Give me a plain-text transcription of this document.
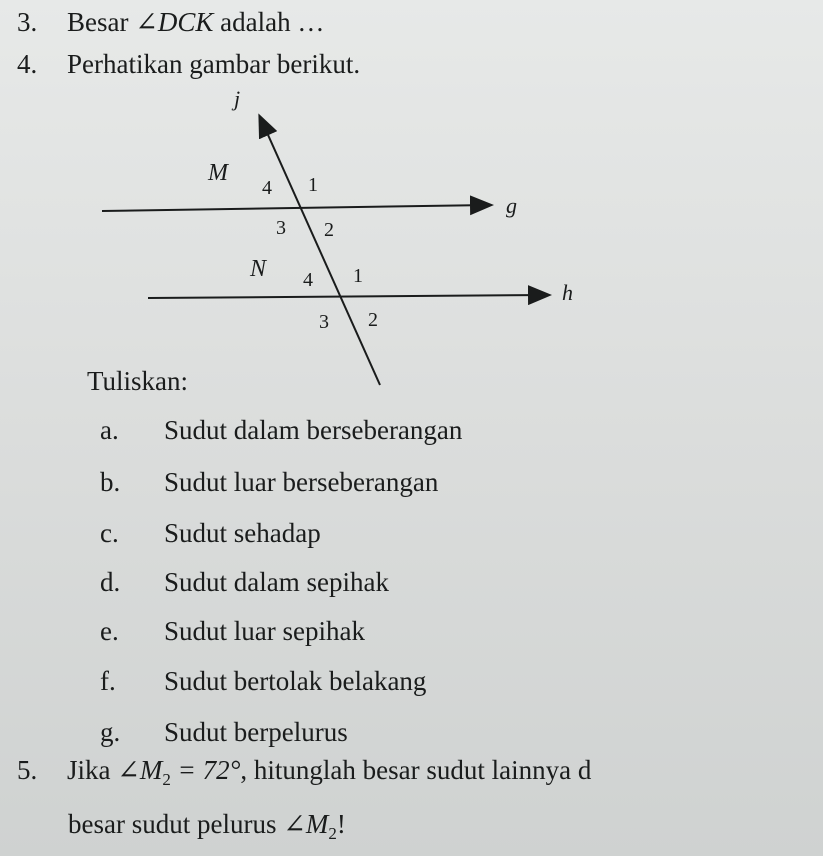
3. Besar ∠DCK adalah …
4. Perhatikan gambar berikut.
j
g
h
M
N
4 1
3 2
4 1
3 2
Tuliskan:
a. Sudut dalam berseberangan
b. Sudut luar berseberangan
c. Sudut sehadap
d. Sudut dalam sepihak
e. Sudut luar sepihak
f. Sudut bertolak belakang
g. Sudut berpelurus
5. Jika $\angle M_2 = 72^\circ$, hitunglah besar sudut lainnya d
besar sudut pelurus $\angle M_2$!
